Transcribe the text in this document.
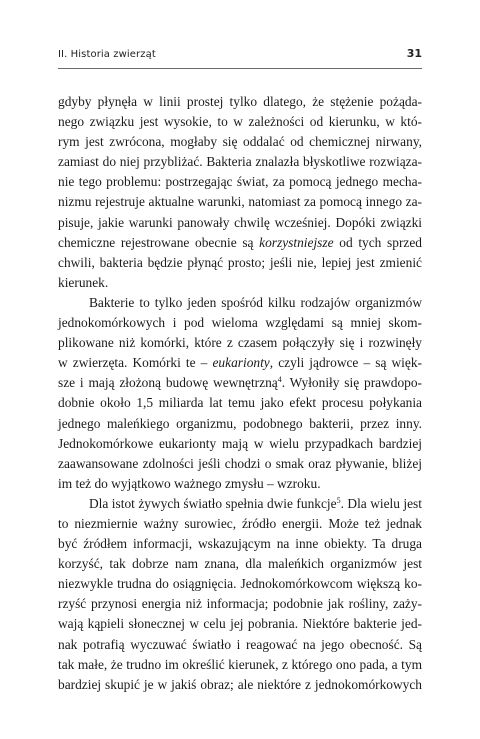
II. Historia zwierząt	31

gdyby płynęła w linii prostej tylko dlatego, że stężenie pożąda-
nego związku jest wysokie, to w zależności od kierunku, w któ-
rym jest zwrócona, mogłaby się oddalać od chemicznej nirwany,
zamiast do niej przybliżać. Bakteria znalazła błyskotliwe rozwiąza-
nie tego problemu: postrzegając świat, za pomocą jednego mecha-
nizmu rejestruje aktualne warunki, natomiast za pomocą innego za-
pisuje, jakie warunki panowały chwilę wcześniej. Dopóki związki
chemiczne rejestrowane obecnie są korzystniejsze od tych sprzed
chwili, bakteria będzie płynąć prosto; jeśli nie, lepiej jest zmienić
kierunek.

Bakterie to tylko jeden spośród kilku rodzajów organizmów
jednokomórkowych i pod wieloma względami są mniej skom-
plikowane niż komórki, które z czasem połączyły się i rozwinęły
w zwierzęta. Komórki te – eukarionty, czyli jądrowce – są więk-
sze i mają złożoną budowę wewnętrzną$^4$. Wyłoniły się prawdopo-
dobnie około 1,5 miliarda lat temu jako efekt procesu połykania
jednego maleńkiego organizmu, podobnego bakterii, przez inny.
Jednokomórkowe eukarionty mają w wielu przypadkach bardziej
zaawansowane zdolności jeśli chodzi o smak oraz pływanie, bliżej
im też do wyjątkowo ważnego zmysłu – wzroku.

Dla istot żywych światło spełnia dwie funkcje$^5$. Dla wielu jest
to niezmiernie ważny surowiec, źródło energii. Może też jednak
być źródłem informacji, wskazującym na inne obiekty. Ta druga
korzyść, tak dobrze nam znana, dla maleńkich organizmów jest
niezwykle trudna do osiągnięcia. Jednokomórkowcom większą ko-
rzyść przynosi energia niż informacja; podobnie jak rośliny, zaży-
wają kąpieli słonecznej w celu jej pobrania. Niektóre bakterie jed-
nak potrafią wyczuwać światło i reagować na jego obecność. Są
tak małe, że trudno im określić kierunek, z którego ono pada, a tym
bardziej skupić je w jakiś obraz; ale niektóre z jednokomórkowych
